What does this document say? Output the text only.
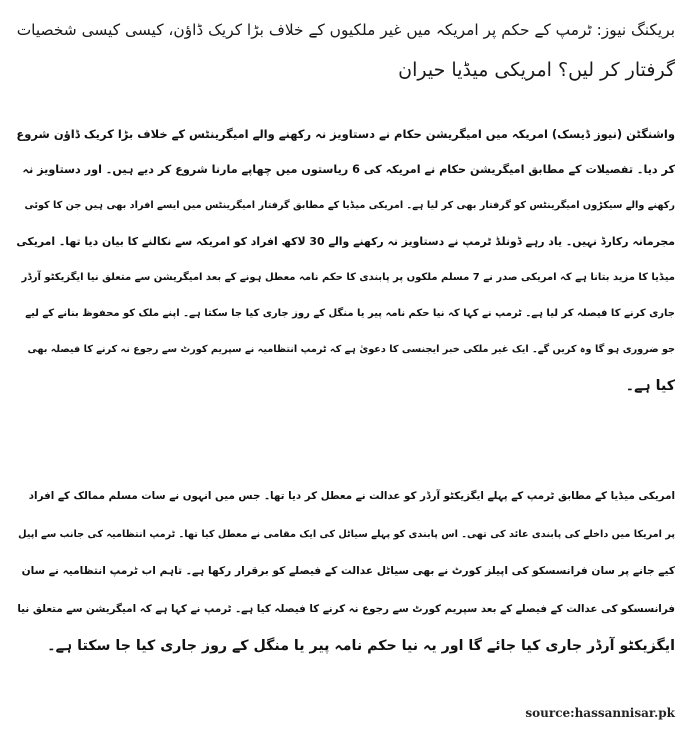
بریکنگ نیوز: ٹرمپ کے حکم پر امریکہ میں غیر ملکیوں کے خلاف بڑا کریک ڈاؤن، کیسی کیسی شخصیات
گرفتار کر لیں؟ امریکی میڈیا حیران
واشنگٹن (نیوز ڈیسک) امریکہ میں امیگریشن حکام نے دستاویز نہ رکھنے والے امیگرینٹس کے خلاف بڑا کریک ڈاؤن شروع
کر دیا۔ تفصیلات کے مطابق امیگریشن حکام نے امریکہ کی 6 ریاستوں میں چھاپے مارنا شروع کر دیے ہیں۔ اور دستاویز نہ
رکھنے والے سیکڑوں امیگرینٹس کو گرفتار بھی کر لیا ہے۔ امریکی میڈیا کے مطابق گرفتار امیگرینٹس میں ایسے افراد بھی ہیں جن کا کوئی
مجرمانہ رکارڈ نہیں۔ یاد رہے ڈونلڈ ٹرمپ نے دستاویز نہ رکھنے والے 30 لاکھ افراد کو امریکہ سے نکالنے کا بیان دیا تھا۔ امریکی
میڈیا کا مزید بتانا ہے کہ امریکی صدر نے 7 مسلم ملکوں پر پابندی کا حکم نامہ معطل ہونے کے بعد امیگریشن سے متعلق نیا ایگزیکٹو آرڈر
جاری کرنے کا فیصلہ کر لیا ہے۔ ٹرمپ نے کہا کہ نیا حکم نامہ پیر یا منگل کے روز جاری کیا جا سکتا ہے۔ اپنے ملک کو محفوظ بنانے کے لیے
جو ضروری ہو گا وہ کریں گے۔ ایک غیر ملکی خبر ایجنسی کا دعویٰ ہے کہ ٹرمپ انتظامیہ نے سپریم کورٹ سے رجوع نہ کرنے کا فیصلہ بھی
کیا ہے۔
امریکی میڈیا کے مطابق ٹرمپ کے پہلے ایگزیکٹو آرڈر کو عدالت نے معطل کر دیا تھا۔ جس میں انہوں نے سات مسلم ممالک کے افراد
پر امریکا میں داخلے کی پابندی عائد کی تھی۔ اس پابندی کو پہلے سیاٹل کی ایک مقامی نے معطل کیا تھا۔ ٹرمپ انتظامیہ کی جانب سے اپیل
کیے جانے پر سان فرانسسکو کی اپیلز کورٹ نے بھی سیاٹل عدالت کے فیصلے کو برقرار رکھا ہے۔ تاہم اب ٹرمپ انتظامیہ نے سان
فرانسسکو کی عدالت کے فیصلے کے بعد سپریم کورٹ سے رجوع نہ کرنے کا فیصلہ کیا ہے۔ ٹرمپ نے کہا ہے کہ امیگریشن سے متعلق نیا
ایگزیکٹو آرڈر جاری کیا جائے گا اور یہ نیا حکم نامہ پیر یا منگل کے روز جاری کیا جا سکتا ہے۔
source:hassannisar.pk
